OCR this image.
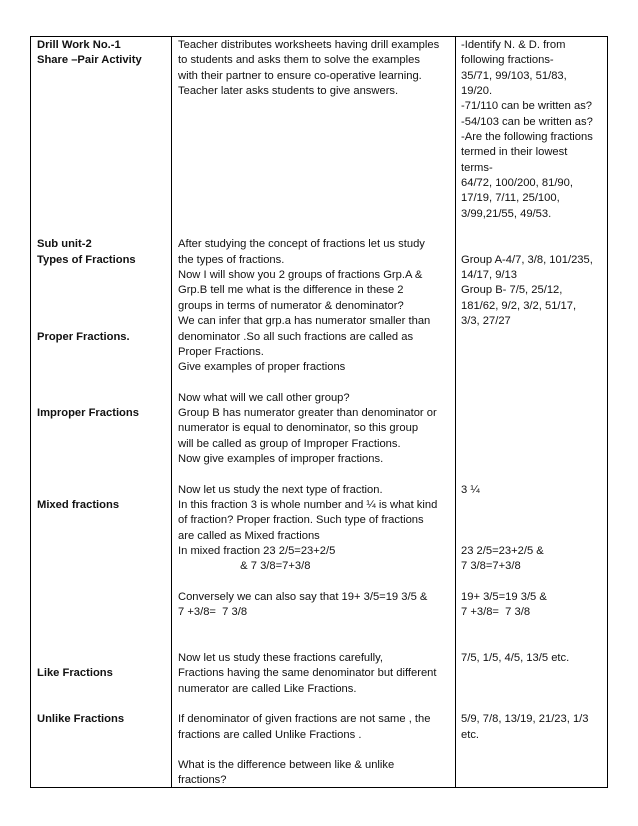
Drill Work No.-1
Share –Pair Activity
Teacher distributes worksheets having drill examples
to students and asks them to solve the examples
with their partner to ensure co-operative learning.
Teacher later asks students to give answers.
-Identify N. & D. from
following fractions-
35/71, 99/103, 51/83,
19/20.
-71/110 can be written as?
-54/103 can be written as?
-Are the following fractions
termed in their lowest
terms-
64/72, 100/200, 81/90,
17/19, 7/11, 25/100,
3/99,21/55, 49/53.
Sub unit-2
Types of Fractions
Proper Fractions.
Improper Fractions
Mixed fractions
Like Fractions
Unlike Fractions
After studying the concept of fractions let us study
the types of fractions.
Now I will show you 2 groups of fractions Grp.A &
Grp.B tell me what is the difference in these 2
groups in terms of numerator & denominator?
We can infer that grp.a has numerator smaller than
denominator .So all such fractions are called as
Proper Fractions.
Give examples of proper fractions
Now what will we call other group?
Group B has numerator greater than denominator or
numerator is equal to denominator, so this group
will be called as group of Improper Fractions.
Now give examples of improper fractions.
Now let us study the next type of fraction.
In this fraction 3 is whole number and ¼ is what kind
of fraction? Proper fraction. Such type of fractions
are called as Mixed fractions
In mixed fraction 23 2/5=23+2/5
& 7 3/8=7+3/8
Conversely we can also say that 19+ 3/5=19 3/5 &
7 +3/8=  7 3/8
Now let us study these fractions carefully,
Fractions having the same denominator but different
numerator are called Like Fractions.
If denominator of given fractions are not same , the
fractions are called Unlike Fractions .
What is the difference between like & unlike
fractions?
Group A-4/7, 3/8, 101/235,
14/17, 9/13
Group B- 7/5, 25/12,
181/62, 9/2, 3/2, 51/17,
3/3, 27/27
3 ¼
23 2/5=23+2/5 &
7 3/8=7+3/8
19+ 3/5=19 3/5 &
7 +3/8=  7 3/8
7/5, 1/5, 4/5, 13/5 etc.
5/9, 7/8, 13/19, 21/23, 1/3
etc.
